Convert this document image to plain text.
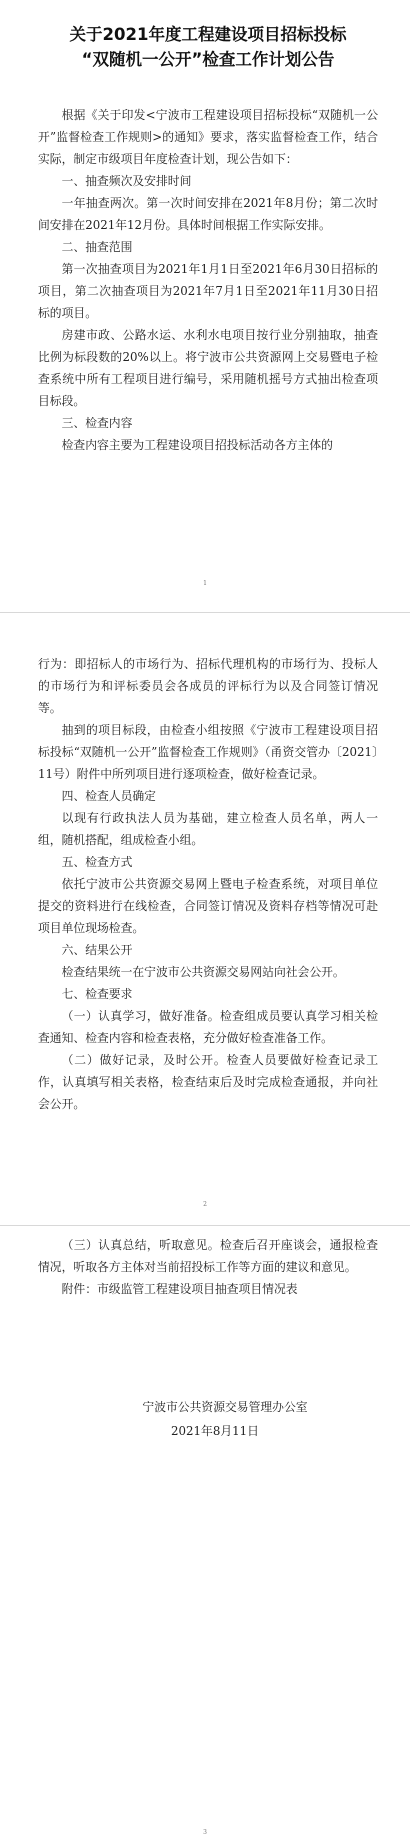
关于2021年度工程建设项目招标投标
“双随机一公开”检查工作计划公告

根据《关于印发<宁波市工程建设项目招标投标“双随机一公开”监督检查工作规则>的通知》要求，落实监督检查工作，结合实际，制定市级项目年度检查计划，现公告如下：

一、抽查频次及安排时间

一年抽查两次。第一次时间安排在2021年8月份；第二次时间安排在2021年12月份。具体时间根据工作实际安排。

二、抽查范围

第一次抽查项目为2021年1月1日至2021年6月30日招标的项目，第二次抽查项目为2021年7月1日至2021年11月30日招标的项目。

房建市政、公路水运、水利水电项目按行业分别抽取，抽查比例为标段数的20%以上。将宁波市公共资源网上交易暨电子检查系统中所有工程项目进行编号，采用随机摇号方式抽出检查项目标段。

三、检查内容

检查内容主要为工程建设项目招投标活动各方主体的

1

行为：即招标人的市场行为、招标代理机构的市场行为、投标人的市场行为和评标委员会各成员的评标行为以及合同签订情况等。

抽到的项目标段，由检查小组按照《宁波市工程建设项目招标投标“双随机一公开”监督检查工作规则》（甬资交管办〔2021〕11号）附件中所列项目进行逐项检查，做好检查记录。

四、检查人员确定

以现有行政执法人员为基础，建立检查人员名单，两人一组，随机搭配，组成检查小组。

五、检查方式

依托宁波市公共资源交易网上暨电子检查系统，对项目单位提交的资料进行在线检查，合同签订情况及资料存档等情况可赴项目单位现场检查。

六、结果公开

检查结果统一在宁波市公共资源交易网站向社会公开。

七、检查要求

（一）认真学习，做好准备。检查组成员要认真学习相关检查通知、检查内容和检查表格，充分做好检查准备工作。

（二）做好记录，及时公开。检查人员要做好检查记录工作，认真填写相关表格，检查结束后及时完成检查通报，并向社会公开。

2

（三）认真总结，听取意见。检查后召开座谈会，通报检查情况，听取各方主体对当前招投标工作等方面的建议和意见。

附件：市级监管工程建设项目抽查项目情况表

宁波市公共资源交易管理办公室
2021年8月11日
3
